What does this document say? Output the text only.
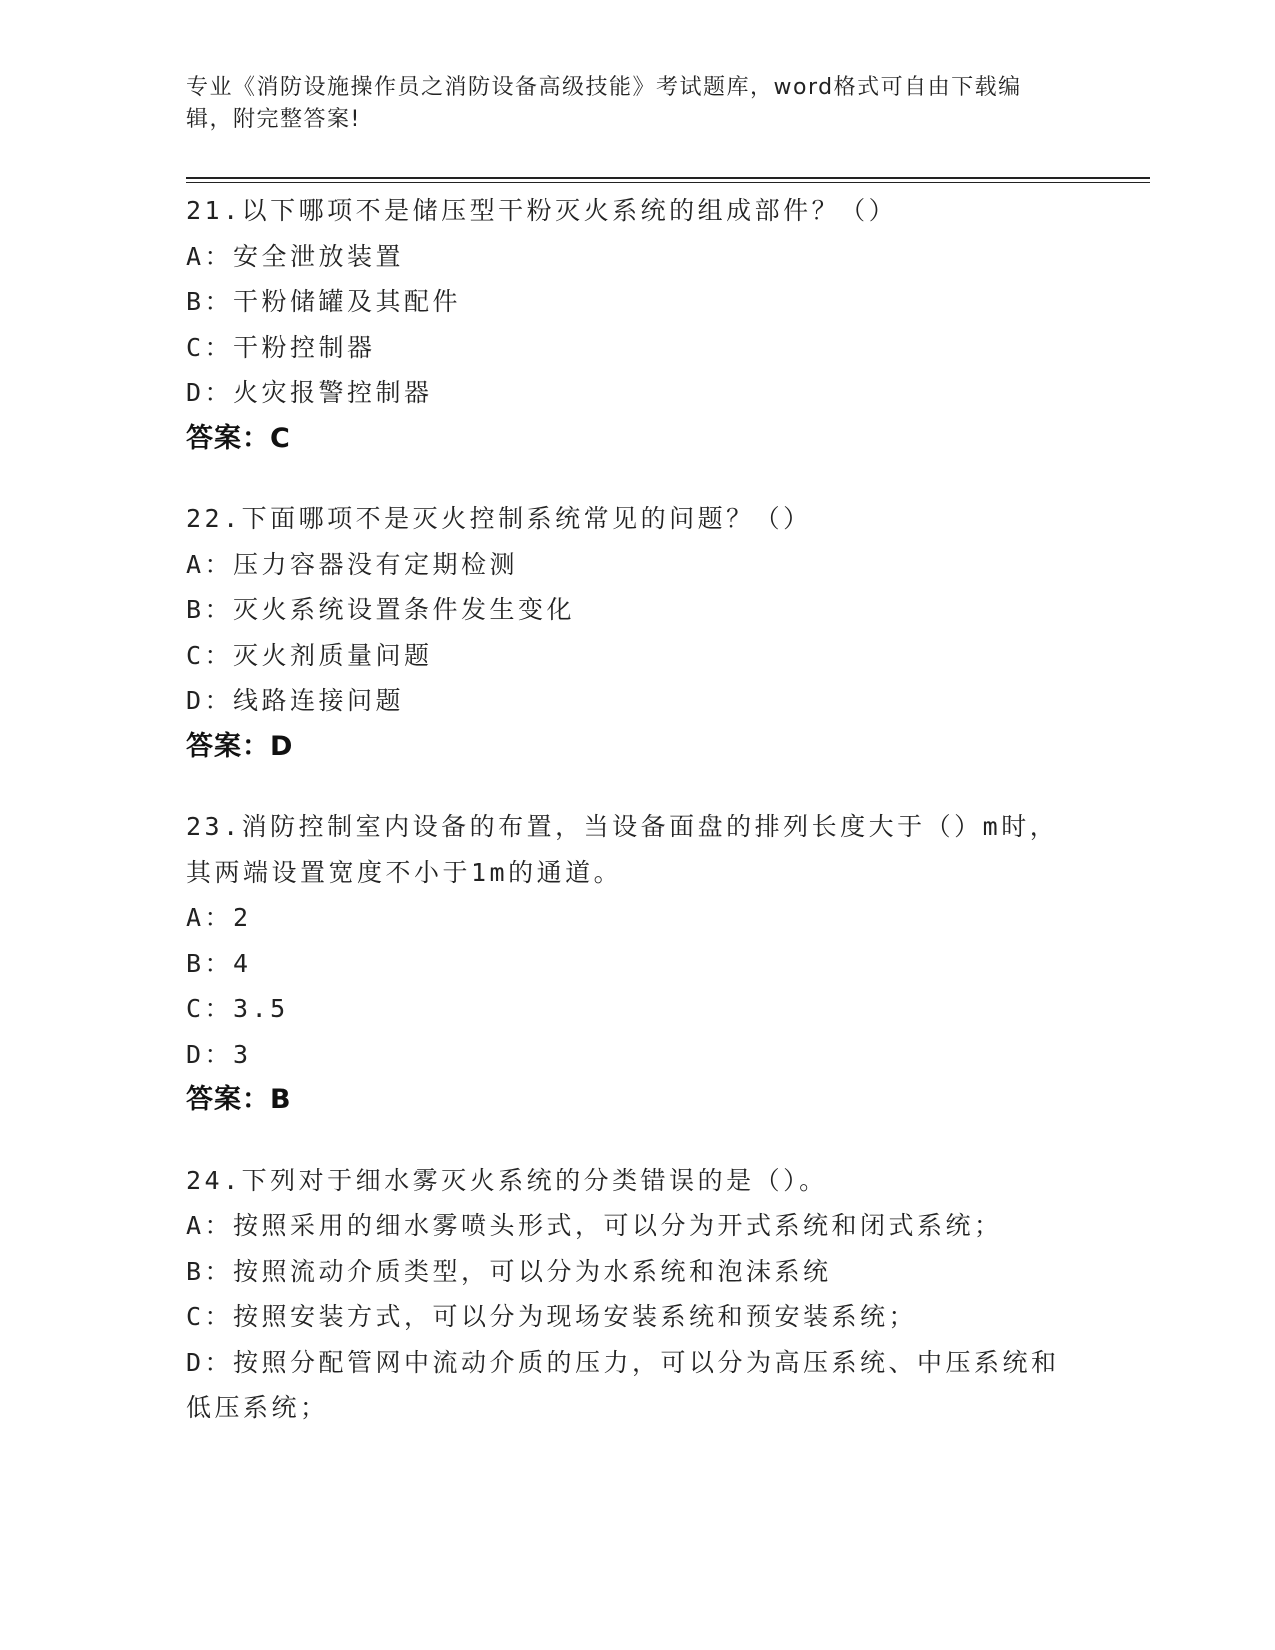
专业《消防设施操作员之消防设备高级技能》考试题库，word格式可自由下载编辑，附完整答案!
21.以下哪项不是储压型干粉灭火系统的组成部件？（）
A：安全泄放装置
B：干粉储罐及其配件
C：干粉控制器
D：火灾报警控制器
答案：C
22.下面哪项不是灭火控制系统常见的问题？（）
A：压力容器没有定期检测
B：灭火系统设置条件发生变化
C：灭火剂质量问题
D：线路连接问题
答案：D
23.消防控制室内设备的布置，当设备面盘的排列长度大于（）m时，其两端设置宽度不小于1m的通道。
A：2
B：4
C：3.5
D：3
答案：B
24.下列对于细水雾灭火系统的分类错误的是（）。
A：按照采用的细水雾喷头形式，可以分为开式系统和闭式系统；
B：按照流动介质类型，可以分为水系统和泡沫系统
C：按照安装方式，可以分为现场安装系统和预安装系统；
D：按照分配管网中流动介质的压力，可以分为高压系统、中压系统和低压系统；
